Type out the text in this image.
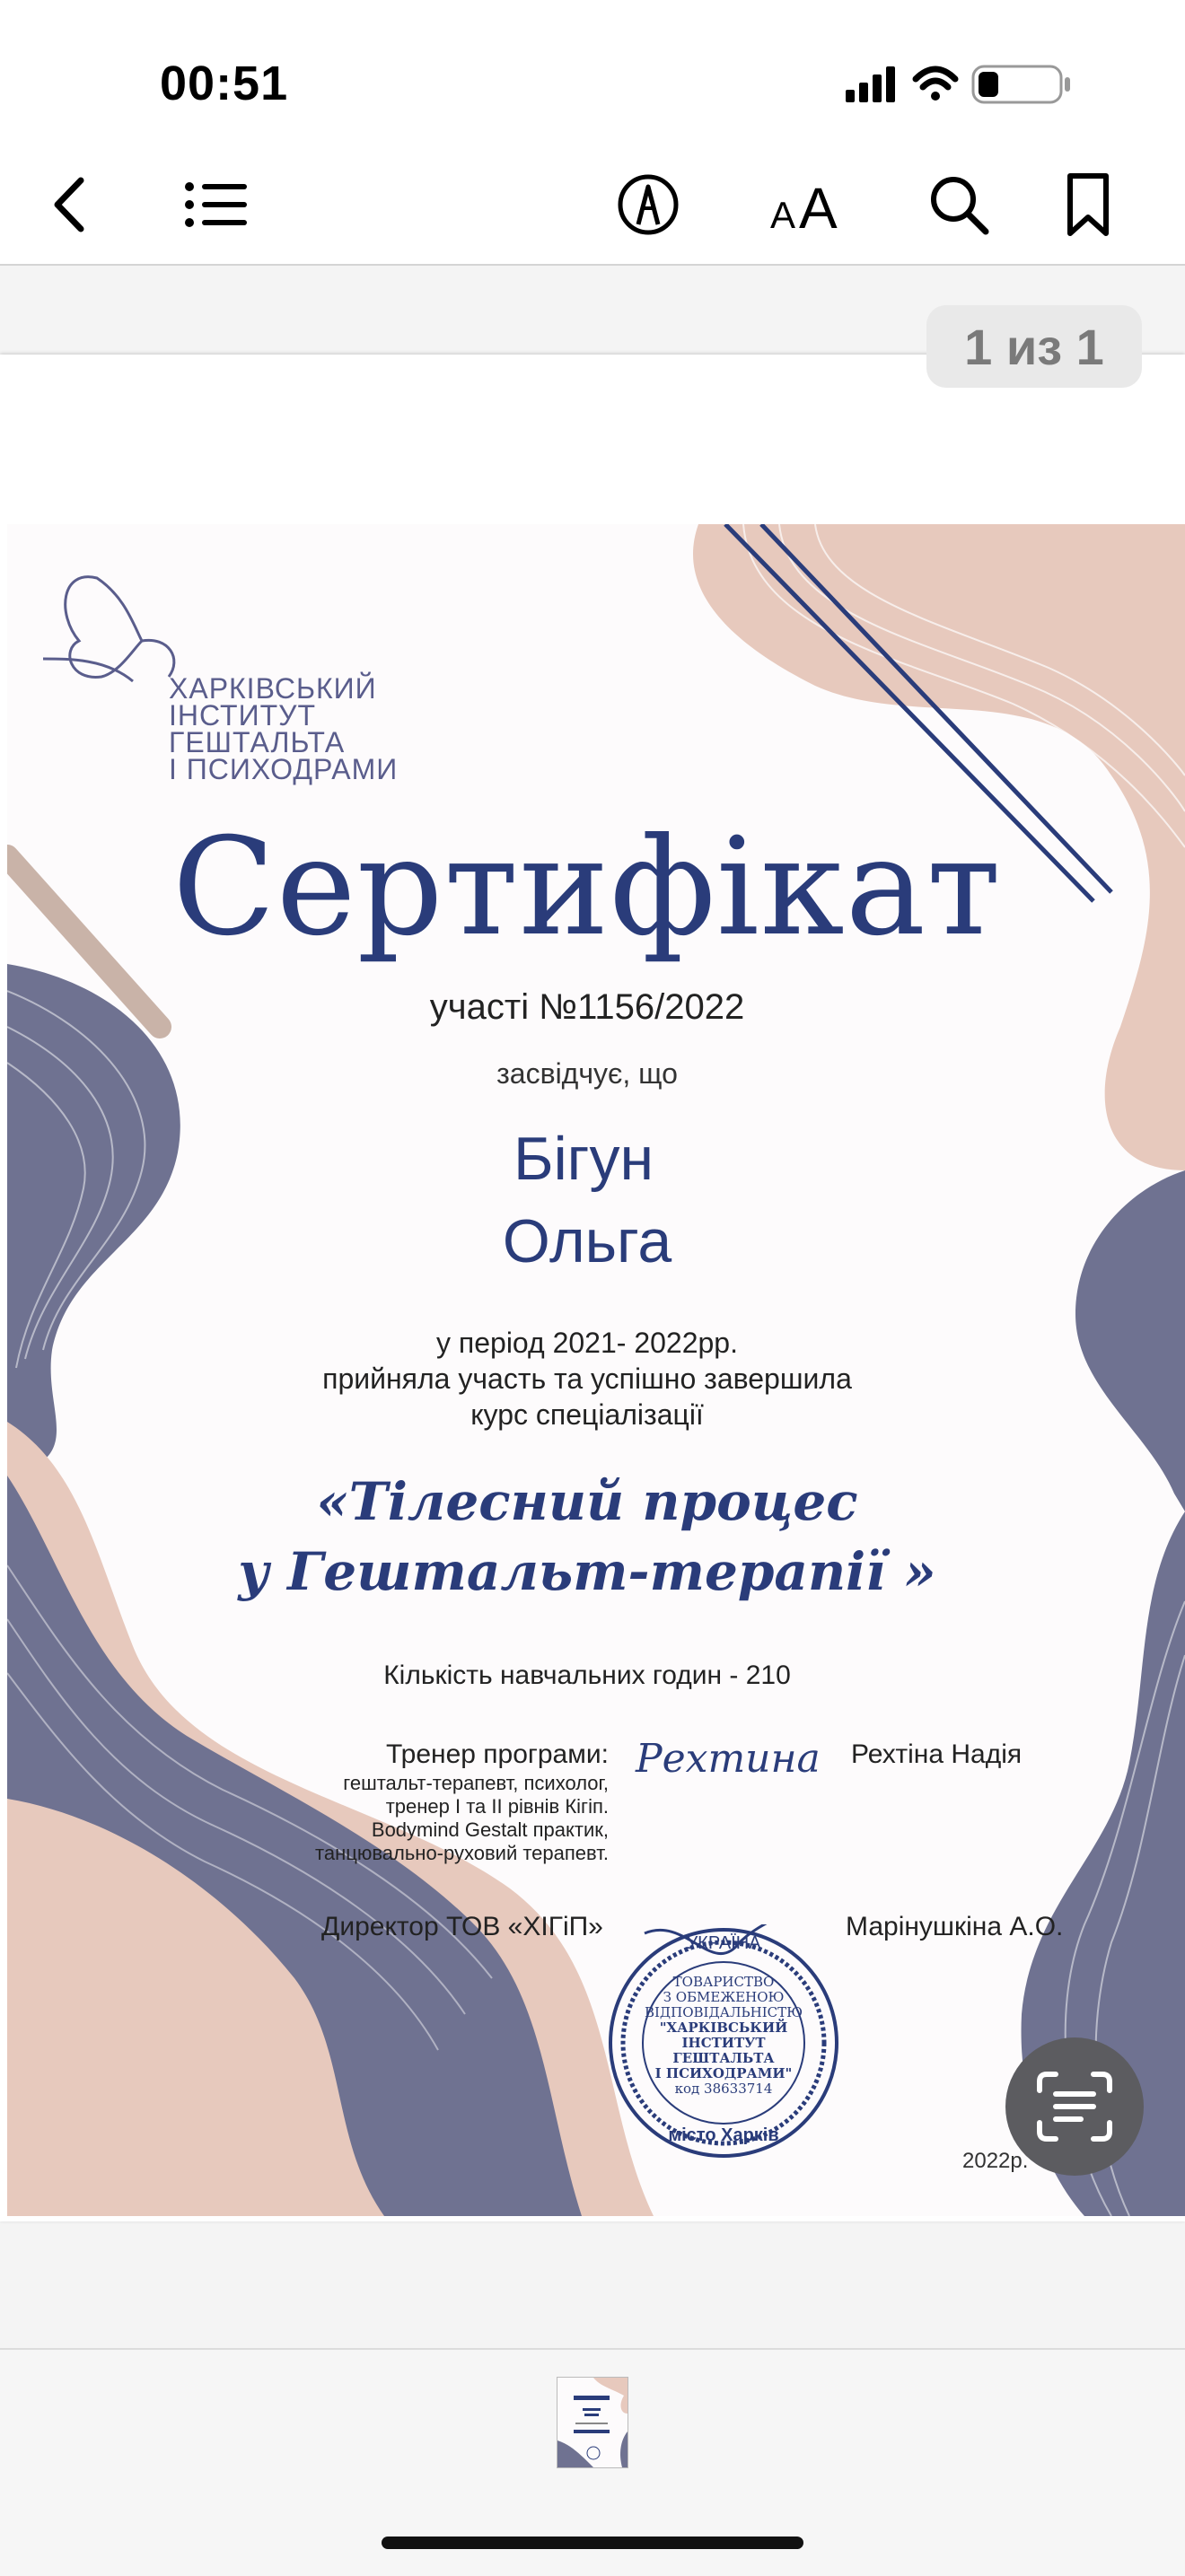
00:51
A A
1 из 1
ХАРКІВСЬКИЙ
ІНСТИТУТ
ГЕШТАЛЬТА
І ПСИХОДРАМИ
Сертифікат
участі №1156/2022
засвідчує, що
Бігун
Ольга
у період 2021- 2022рр.
прийняла участь та успішно завершила
курс спеціалізації
«Тілесний процес
у Гештальт-терапії »
Кількість навчальних годин - 210
Тренер програми:
гештальт-терапевт, психолог,
тренер I та II рівнів Кігіп.
Bodymind Gestalt практик,
танцювально-руховий терапевт.
Рехтина Рехтіна Надія
Директор ТОВ «ХІГіП»	Марінушкіна А.О.
УКРАЇНА
ТОВАРИСТВО
З ОБМЕЖЕНОЮ
ВІДПОВІДАЛЬНІСТЮ
"ХАРКІВСЬКИЙ
ІНСТИТУТ
ГЕШТАЛЬТА
І ПСИХОДРАМИ"
код 38633714
місто Харків
2022р.
